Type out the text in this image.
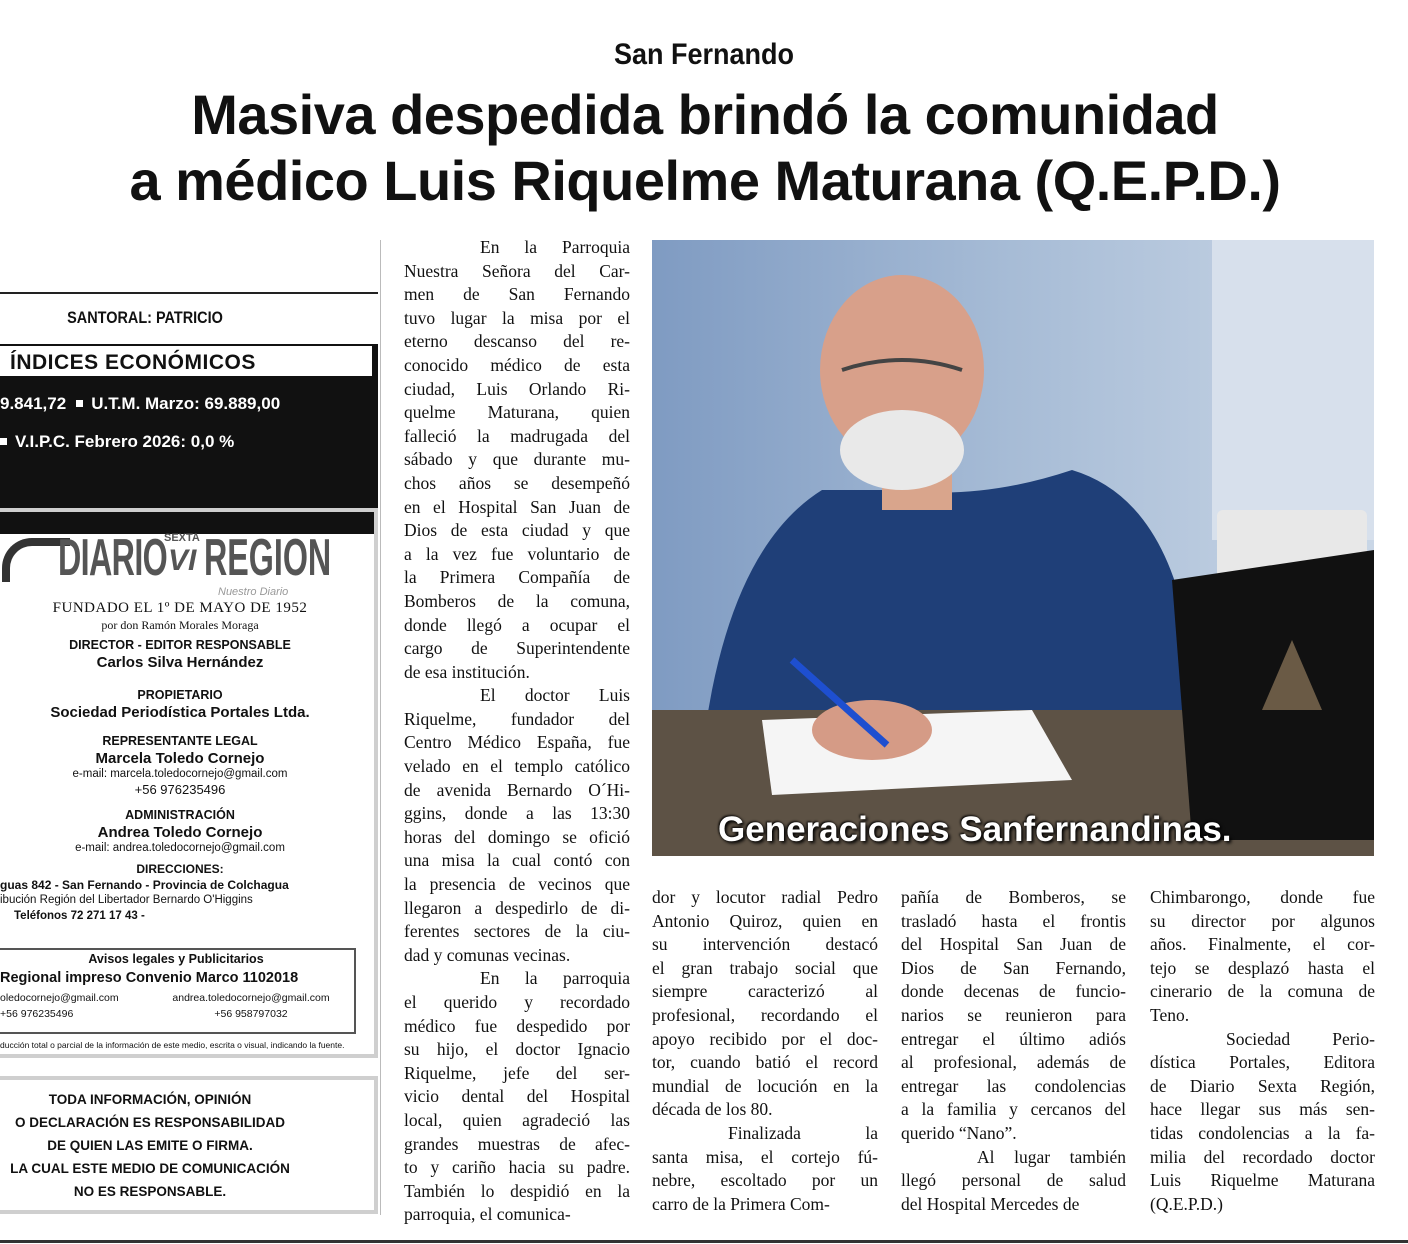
San Fernando
Masiva despedida brindó la comunidad
a médico Luis Riquelme Maturana (Q.E.P.D.)
SANTORAL: PATRICIO
ÍNDICES ECONÓMICOS
9.841,72 U.T.M. Marzo: 69.889,00
V.I.P.C. Febrero 2026: 0,0 %
DIARIO
SEXTA
VI REGION
Nuestro Diario
FUNDADO EL 1º DE MAYO DE 1952
por don Ramón Morales Moraga
DIRECTOR - EDITOR RESPONSABLE
Carlos Silva Hernández
PROPIETARIO
Sociedad Periodística Portales Ltda.
REPRESENTANTE LEGAL
Marcela Toledo Cornejo
e-mail: marcela.toledocornejo@gmail.com
+56 976235496
ADMINISTRACIÓN
Andrea Toledo Cornejo
e-mail: andrea.toledocornejo@gmail.com
DIRECCIONES:
guas 842 - San Fernando - Provincia de Colchagua
ibución Región del Libertador Bernardo O'Higgins
Teléfonos 72 271 17 43 -
Avisos legales y Publicitarios
Regional impreso Convenio Marco 1102018
oledocornejo@gmail.com	andrea.toledocornejo@gmail.com
+56 976235496	+56 958797032
ducción total o parcial de la información de este medio, escrita o visual, indicando la fuente.
TODA INFORMACIÓN, OPINIÓN
O DECLARACIÓN ES RESPONSABILIDAD
DE QUIEN LAS EMITE O FIRMA.
LA CUAL ESTE MEDIO DE COMUNICACIÓN
NO ES RESPONSABLE.
En la Parroquia
Nuestra Señora del Car-
men de San Fernando
tuvo lugar la misa por el
eterno descanso del re-
conocido médico de esta
ciudad, Luis Orlando Ri-
quelme Maturana, quien
falleció la madrugada del
sábado y que durante mu-
chos años se desempeñó
en el Hospital San Juan de
Dios de esta ciudad y que
a la vez fue voluntario de
la Primera Compañía de
Bomberos de la comuna,
donde llegó a ocupar el
cargo de Superintendente
de esa institución.
El doctor Luis
Riquelme, fundador del
Centro Médico España, fue
velado en el templo católico
de avenida Bernardo O´Hi-
ggins, donde a las 13:30
horas del domingo se ofició
una misa la cual contó con
la presencia de vecinos que
llegaron a despedirlo de di-
ferentes sectores de la ciu-
dad y comunas vecinas.
En la parroquia
el querido y recordado
médico fue despedido por
su hijo, el doctor Ignacio
Riquelme, jefe del ser-
vicio dental del Hospital
local, quien agradeció las
grandes muestras de afec-
to y cariño hacia su padre.
También lo despidió en la
parroquia, el comunica-
dor y locutor radial Pedro
Antonio Quiroz, quien en
su intervención destacó
el gran trabajo social que
siempre caracterizó al
profesional, recordando el
apoyo recibido por el doc-
tor, cuando batió el record
mundial de locución en la
década de los 80.
Finalizada la
santa misa, el cortejo fú-
nebre, escoltado por un
carro de la Primera Com-
pañía de Bomberos, se
trasladó hasta el frontis
del Hospital San Juan de
Dios de San Fernando,
donde decenas de funcio-
narios se reunieron para
entregar el último adiós
al profesional, además de
entregar las condolencias
a la familia y cercanos del
querido “Nano”.
Al lugar también
llegó personal de salud
del Hospital Mercedes de
Chimbarongo, donde fue
su director por algunos
años. Finalmente, el cor-
tejo se desplazó hasta el
cinerario de la comuna de
Teno.
Sociedad Perio-
dística Portales, Editora
de Diario Sexta Región,
hace llegar sus más sen-
tidas condolencias a la fa-
milia del recordado doctor
Luis Riquelme Maturana
(Q.E.P.D.)
Generaciones Sanfernandinas.
